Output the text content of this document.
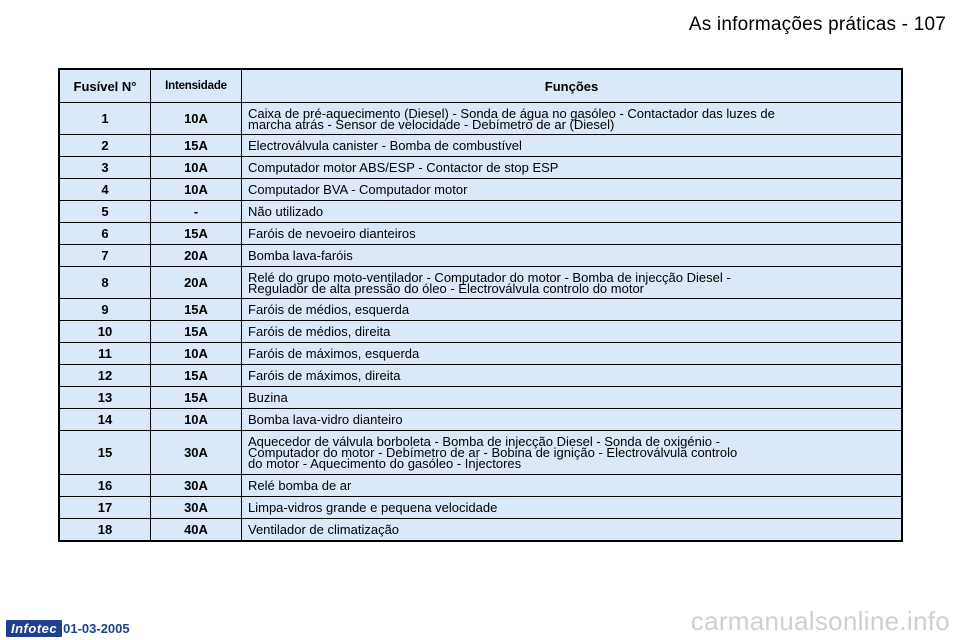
As informações práticas - 107
Fusível N°	Intensidade	Funções
1	10A	Caixa de pré-aquecimento (Diesel) - Sonda de água no gasóleo - Contactador das luzes de
marcha atrás - Sensor de velocidade - Debímetro de ar (Diesel)
2	15A	Electroválvula canister - Bomba de combustível
3	10A	Computador motor ABS/ESP - Contactor de stop ESP
4	10A	Computador BVA - Computador motor
5	-	Não utilizado
6	15A	Faróis de nevoeiro dianteiros
7	20A	Bomba lava-faróis
8	20A	Relé do grupo moto-ventilador - Computador do motor - Bomba de injecção Diesel -
Regulador de alta pressão do óleo - Electroválvula controlo do motor
9	15A	Faróis de médios, esquerda
10	15A	Faróis de médios, direita
11	10A	Faróis de máximos, esquerda
12	15A	Faróis de máximos, direita
13	15A	Buzina
14	10A	Bomba lava-vidro dianteiro
15	30A	Aquecedor de válvula borboleta - Bomba de injecção Diesel - Sonda de oxigénio -
Computador do motor - Debímetro de ar - Bobina de ignição - Electroválvula controlo
do motor - Aquecimento do gasóleo - Injectores
16	30A	Relé bomba de ar
17	30A	Limpa-vidros grande e pequena velocidade
18	40A	Ventilador de climatização
Infotec 01-03-2005	carmanualsonline.info
